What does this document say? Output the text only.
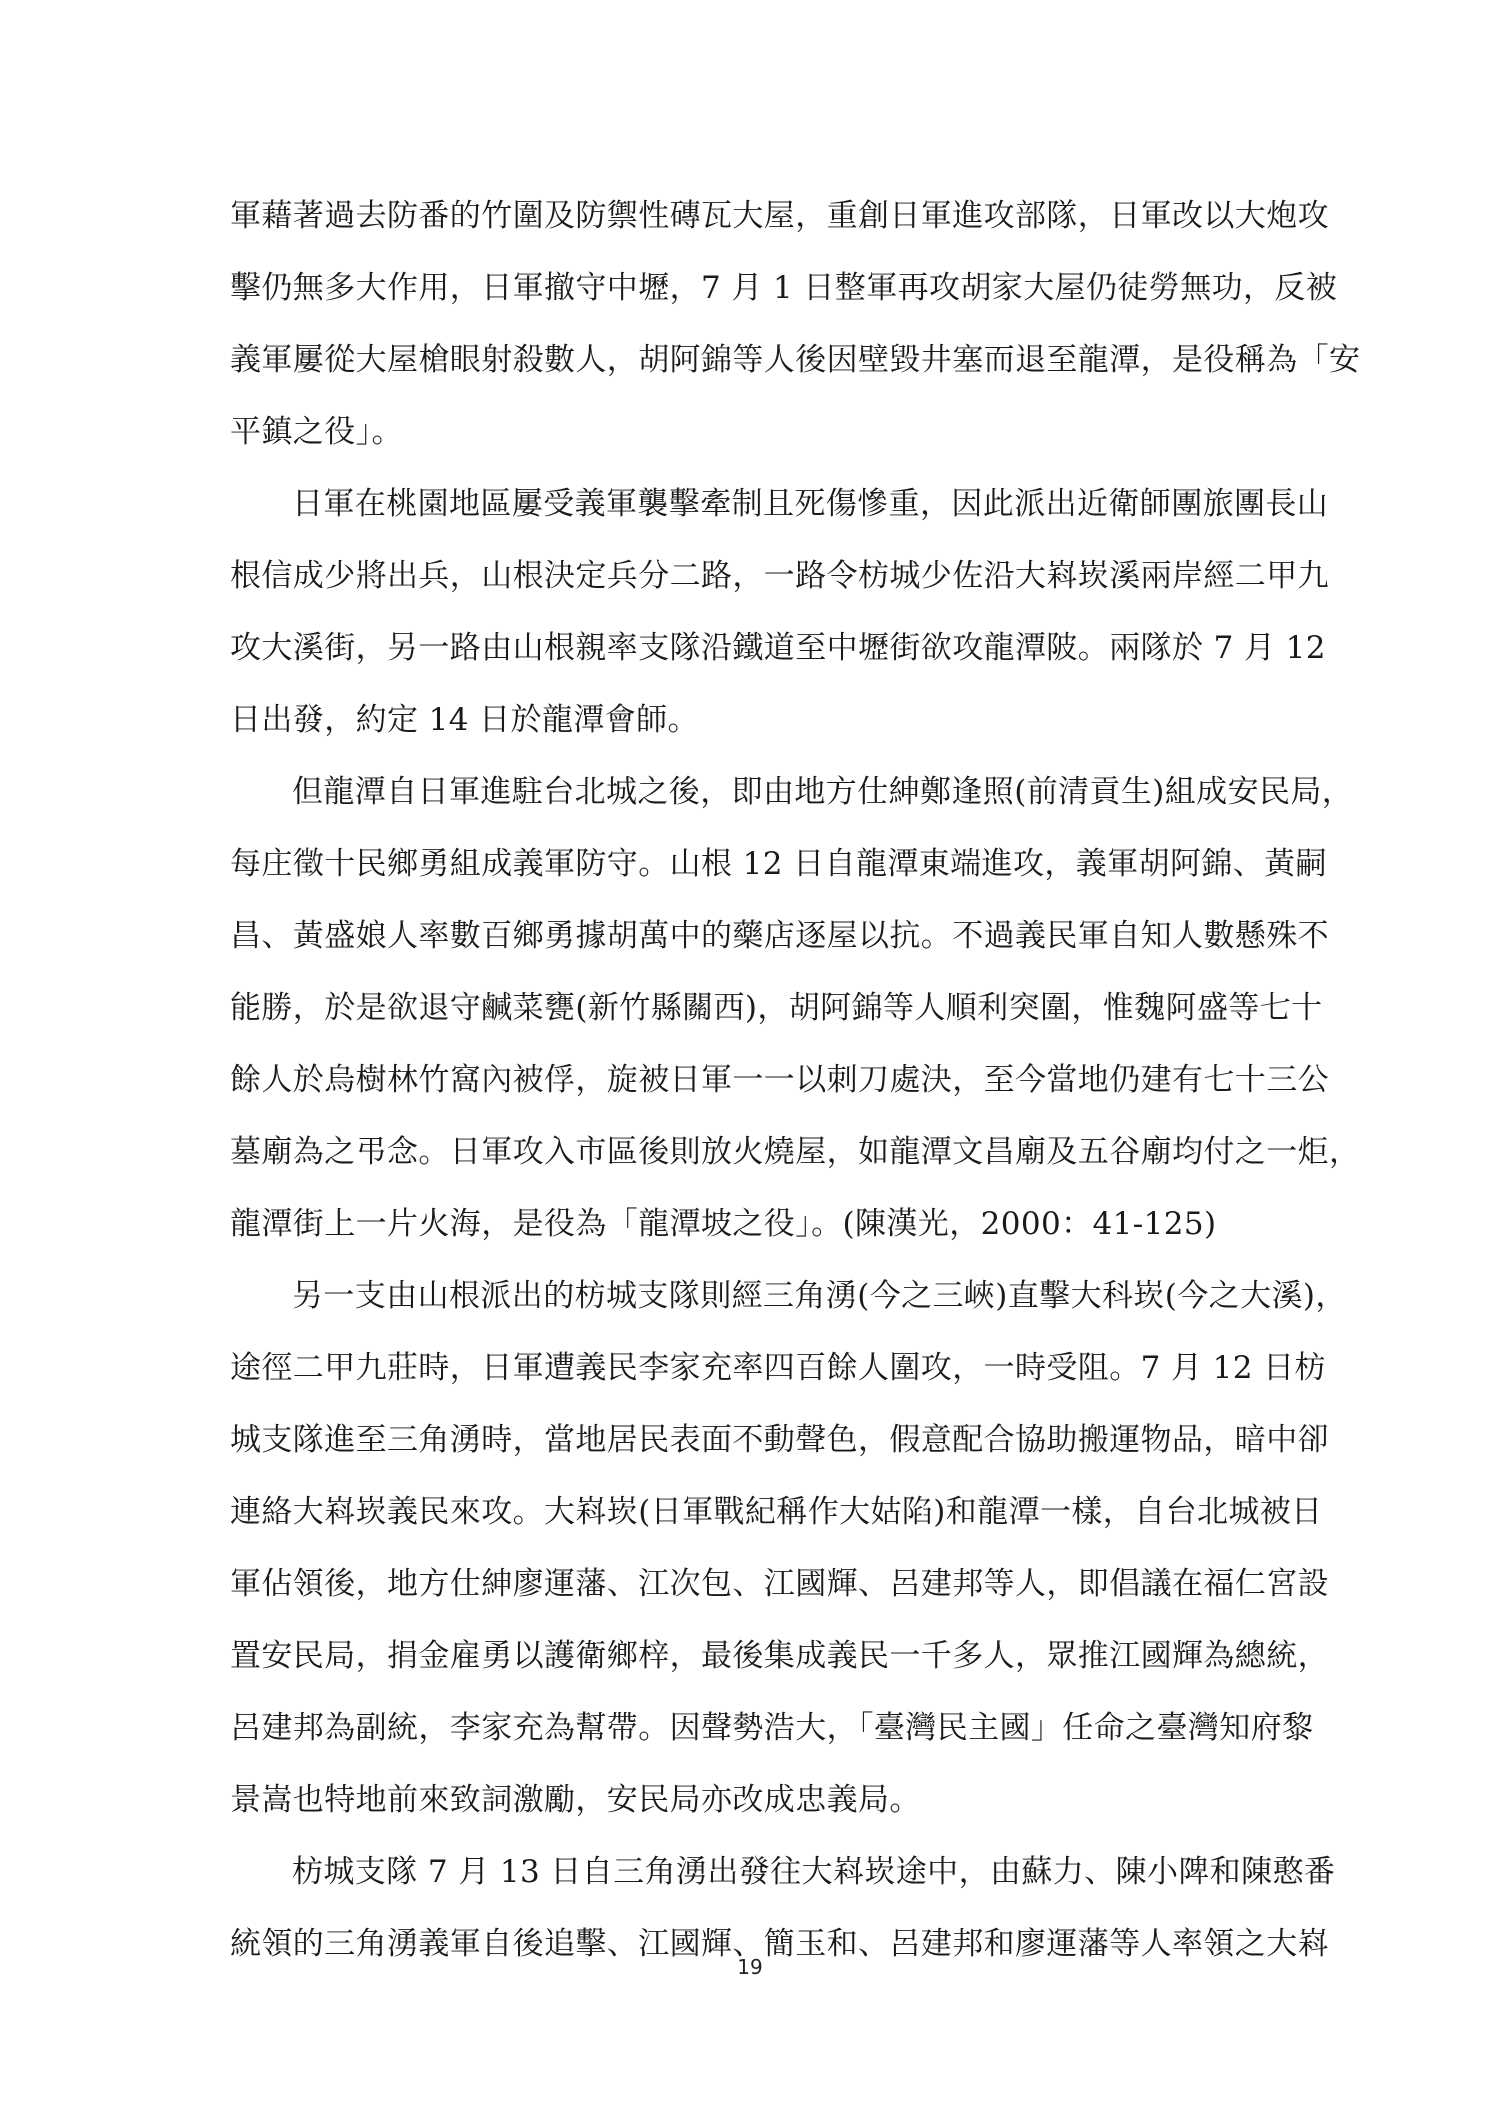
軍藉著過去防番的竹圍及防禦性磚瓦大屋，重創日軍進攻部隊，日軍改以大炮攻
擊仍無多大作用，日軍撤守中壢，7 月 1 日整軍再攻胡家大屋仍徒勞無功，反被
義軍屢從大屋槍眼射殺數人，胡阿錦等人後因壁毀井塞而退至龍潭，是役稱為「安
平鎮之役」。
日軍在桃園地區屢受義軍襲擊牽制且死傷慘重，因此派出近衛師團旅團長山
根信成少將出兵，山根決定兵分二路，一路令枋城少佐沿大嵙崁溪兩岸經二甲九
攻大溪街，另一路由山根親率支隊沿鐵道至中壢街欲攻龍潭陂。兩隊於 7 月 12
日出發，約定 14 日於龍潭會師。
但龍潭自日軍進駐台北城之後，即由地方仕紳鄭逢照(前清貢生)組成安民局，
每庄徵十民鄉勇組成義軍防守。山根 12 日自龍潭東端進攻，義軍胡阿錦、黃嗣
昌、黃盛娘人率數百鄉勇據胡萬中的藥店逐屋以抗。不過義民軍自知人數懸殊不
能勝，於是欲退守鹹菜甕(新竹縣關西)，胡阿錦等人順利突圍，惟魏阿盛等七十
餘人於烏樹林竹窩內被俘，旋被日軍一一以刺刀處決，至今當地仍建有七十三公
墓廟為之弔念。日軍攻入市區後則放火燒屋，如龍潭文昌廟及五谷廟均付之一炬，
龍潭街上一片火海，是役為「龍潭坡之役」。(陳漢光，2000：41-125)
另一支由山根派出的枋城支隊則經三角湧(今之三峽)直擊大科崁(今之大溪)，
途徑二甲九莊時，日軍遭義民李家充率四百餘人圍攻，一時受阻。7 月 12 日枋
城支隊進至三角湧時，當地居民表面不動聲色，假意配合協助搬運物品，暗中卻
連絡大嵙崁義民來攻。大嵙崁(日軍戰紀稱作大姑陷)和龍潭一樣，自台北城被日
軍佔領後，地方仕紳廖運藩、江次包、江國輝、呂建邦等人，即倡議在福仁宮設
置安民局，捐金雇勇以護衛鄉梓，最後集成義民一千多人，眾推江國輝為總統，
呂建邦為副統，李家充為幫帶。因聲勢浩大，「臺灣民主國」任命之臺灣知府黎
景嵩也特地前來致詞激勵，安民局亦改成忠義局。
枋城支隊 7 月 13 日自三角湧出發往大嵙崁途中，由蘇力、陳小陴和陳憨番
統領的三角湧義軍自後追擊、江國輝、簡玉和、呂建邦和廖運藩等人率領之大嵙
19
